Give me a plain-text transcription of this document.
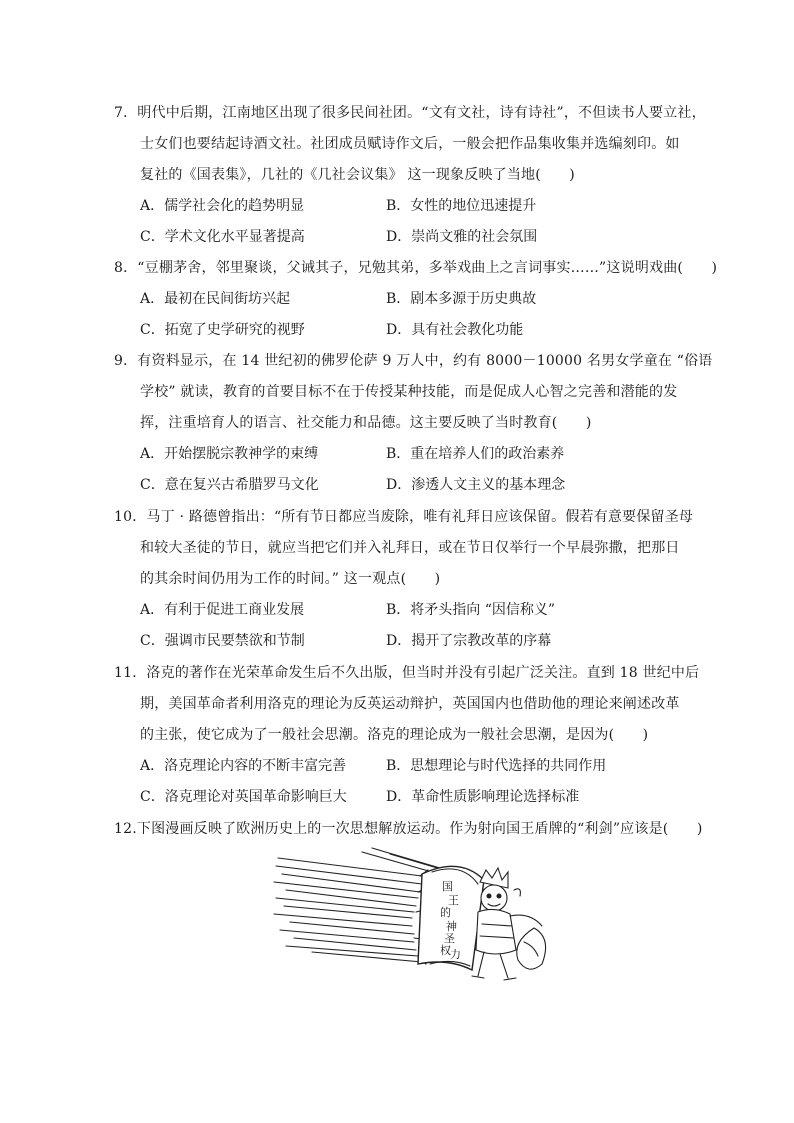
7．明代中后期，江南地区出现了很多民间社团。“文有文社，诗有诗社”，不但读书人要立社，
士女们也要结起诗酒文社。社团成员赋诗作文后，一般会把作品集收集并选编刻印。如
复社的《国表集》，几社的《几社会议集》 这一现象反映了当地(　　)
A．儒学社会化的趋势明显	B．女性的地位迅速提升
C．学术文化水平显著提高	D．崇尚文雅的社会氛围
8．“豆棚茅舍，邻里聚谈，父诫其子，兄勉其弟，多举戏曲上之言词事实……”这说明戏曲(　　)
A．最初在民间街坊兴起	B．剧本多源于历史典故
C．拓宽了史学研究的视野	D．具有社会教化功能
9．有资料显示，在 14 世纪初的佛罗伦萨 9 万人中，约有 8000－10000 名男女学童在 “俗语
学校” 就读，教育的首要目标不在于传授某种技能，而是促成人心智之完善和潜能的发
挥，注重培育人的语言、社交能力和品德。这主要反映了当时教育(　　)
A．开始摆脱宗教神学的束缚	B．重在培养人们的政治素养
C．意在复兴古希腊罗马文化	D．渗透人文主义的基本理念
10．马丁 · 路德曾指出：“所有节日都应当废除，唯有礼拜日应该保留。假若有意要保留圣母
和较大圣徒的节日，就应当把它们并入礼拜日，或在节日仅举行一个早晨弥撒，把那日
的其余时间仍用为工作的时间。” 这一观点(　　)
A．有利于促进工商业发展	B．将矛头指向 “因信称义”
C．强调市民要禁欲和节制	D．揭开了宗教改革的序幕
11．洛克的著作在光荣革命发生后不久出版，但当时并没有引起广泛关注。直到 18 世纪中后
期，美国革命者利用洛克的理论为反英运动辩护，英国国内也借助他的理论来阐述改革
的主张，使它成为了一般社会思潮。洛克的理论成为一般社会思潮，是因为(　　)
A．洛克理论内容的不断丰富完善	B．思想理论与时代选择的共同作用
C．洛克理论对英国革命影响巨大	D．革命性质影响理论选择标准
12.下图漫画反映了欧洲历史上的一次思想解放运动。作为射向国王盾牌的“利剑”应该是(　　)
国
王
的
神
圣
权 力
